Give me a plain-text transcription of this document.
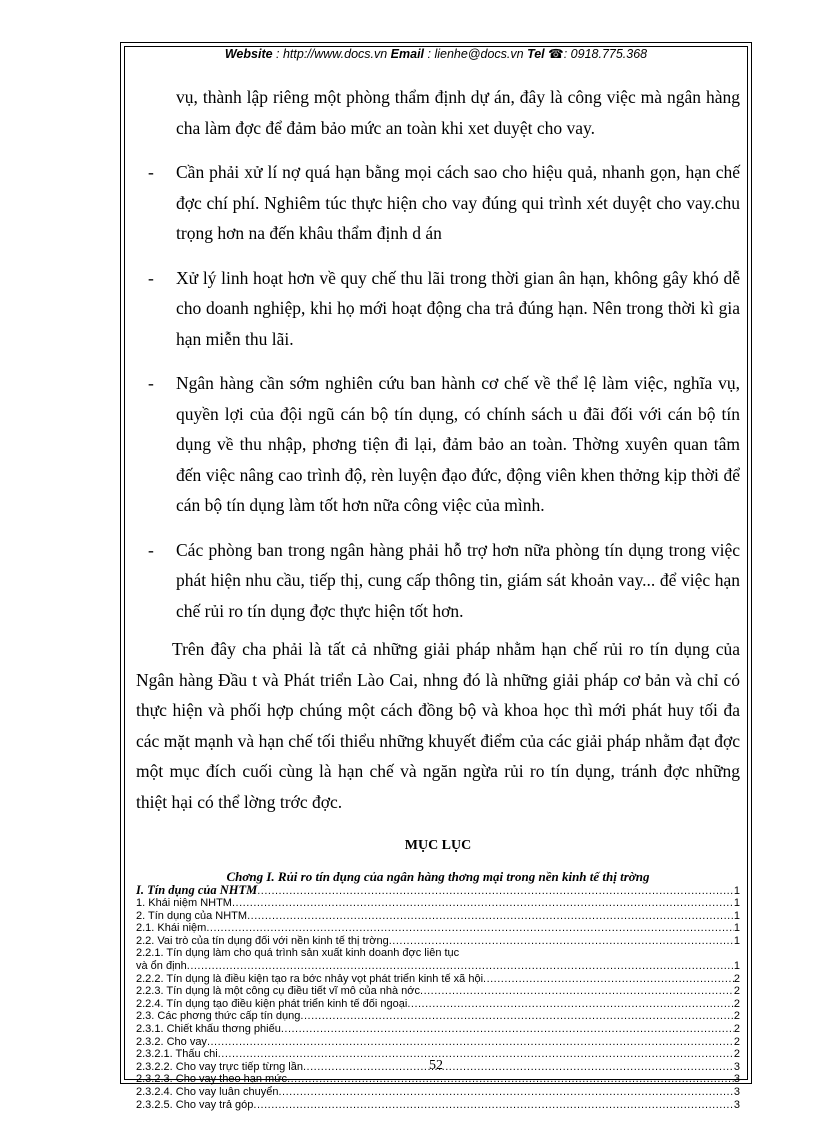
Website : http://www.docs.vn Email : lienhe@docs.vn Tel ☎: 0918.775.368

vụ, thành lập riêng một phòng thẩm định dự án, đây là công việc mà ngân hàng cha làm đợc để đảm bảo mức an toàn khi xet duyệt cho vay.

- Cần phải xử lí nợ quá hạn bằng mọi cách sao cho hiệu quả, nhanh gọn, hạn chế đợc chí phí. Nghiêm túc thực hiện cho vay đúng qui trình xét duyệt cho vay.chu trọng hơn na đến khâu thẩm định d án
- Xử lý linh hoạt hơn về quy chế thu lãi trong thời gian ân hạn, không gây khó dễ cho doanh nghiệp, khi họ mới hoạt động cha trả đúng hạn. Nên trong thời kì gia hạn miễn thu lãi.
- Ngân hàng cần sớm nghiên cứu ban hành cơ chế về thể lệ làm việc, nghĩa vụ, quyền lợi của đội ngũ cán bộ tín dụng, có chính sách u đãi đối với cán bộ tín dụng về thu nhập, phơng tiện đi lại, đảm bảo an toàn. Thờng xuyên quan tâm đến việc nâng cao trình độ, rèn luyện đạo đức, động viên khen thởng kịp thời để cán bộ tín dụng làm tốt hơn nữa công việc của mình.
- Các phòng ban trong ngân hàng phải hỗ trợ hơn nữa phòng tín dụng trong việc phát hiện nhu cầu, tiếp thị, cung cấp thông tin, giám sát khoản vay... để việc hạn chế rủi ro tín dụng đợc thực hiện tốt hơn.

Trên đây cha phải là tất cả những giải pháp nhằm hạn chế rủi ro tín dụng của Ngân hàng Đầu t và Phát triển Lào Cai, nhng đó là những giải pháp cơ bản và chỉ có thực hiện và phối hợp chúng một cách đồng bộ và khoa học thì mới phát huy tối đa các mặt mạnh và hạn chế tối thiểu những khuyết điểm của các giải pháp nhằm đạt đợc một mục đích cuối cùng là hạn chế và ngăn ngừa rủi ro tín dụng, tránh đợc những thiệt hại có thể lờng trớc đợc.

MỤC LỤC
Chơng I. Rủi ro tín dụng của ngân hàng thơng mại trong nền kinh tế thị trờng
I. Tín dụng của NHTM .....	1
1. Khái niệm NHTM .....	1
2. Tín dụng của NHTM .....	1
2.1. Khái niệm .....	1
2.2. Vai trò của tín dụng đối với nền kinh tế thị trờng .....	1
2.2.1. Tín dụng làm cho quá trình sản xuất kinh doanh đợc liên tục
và ổn định .....	1
2.2.2. Tín dụng là điều kiện tạo ra bớc nhảy vọt phát triển kinh tế xã hội .....	2
2.2.3. Tín dụng là một công cụ điều tiết vĩ mô của nhà nớc .....	2
2.2.4. Tín dụng tạo điều kiện phát triển kinh tế đối ngoại .....	2
2.3. Các phơng thức cấp tín dụng .....	2
2.3.1. Chiết khấu thơng phiếu .....	2
2.3.2. Cho vay .....	2
2.3.2.1. Thấu chi .....	2
2.3.2.2. Cho vay trực tiếp từng lần .....	3
2.3.2.3. Cho vay theo hạn mức .....	3
2.3.2.4. Cho vay luân chuyển .....	3
2.3.2.5. Cho vay trả góp .....	3
52
